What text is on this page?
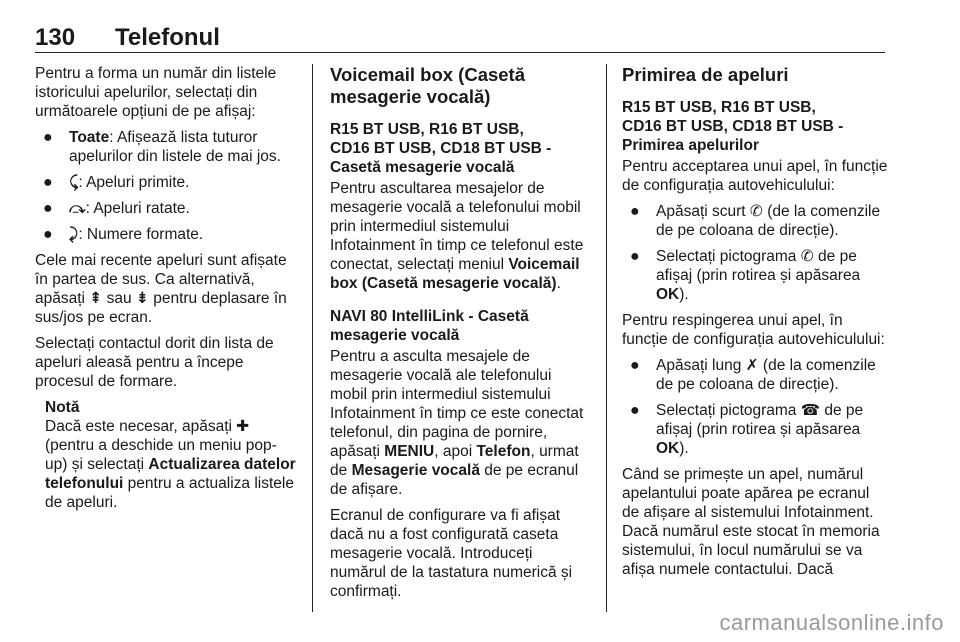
130 Telefonul

Pentru a forma un număr din listele istoricului apelurilor, selectați din următoarele opțiuni de pe afișaj:

● Toate: Afișează lista tuturor apelurilor din listele de mai jos.
● ⤹: Apeluri primite.
● ⤼: Apeluri ratate.
● ⤸: Numere formate.

Cele mai recente apeluri sunt afișate în partea de sus. Ca alternativă, apăsați ⇞ sau ⇟ pentru deplasare în sus/jos pe ecran.

Selectați contactul dorit din lista de apeluri aleasă pentru a începe procesul de formare.

Notă
Dacă este necesar, apăsați ✚ (pentru a deschide un meniu pop-up) și selectați Actualizarea datelor telefonului pentru a actualiza listele de apeluri.
Voicemail box (Casetă mesagerie vocală)
R15 BT USB, R16 BT USB,
CD16 BT USB, CD18 BT USB -
Casetă mesagerie vocală

Pentru ascultarea mesajelor de mesagerie vocală a telefonului mobil prin intermediul sistemului Infotainment în timp ce telefonul este conectat, selectați meniul Voicemail box (Casetă mesagerie vocală).

NAVI 80 IntelliLink - Casetă
mesagerie vocală

Pentru a asculta mesajele de mesagerie vocală ale telefonului mobil prin intermediul sistemului Infotainment în timp ce este conectat telefonul, din pagina de pornire, apăsați MENIU, apoi Telefon, urmat de Mesagerie vocală de pe ecranul de afișare.

Ecranul de configurare va fi afișat dacă nu a fost configurată caseta mesagerie vocală. Introduceți numărul de la tastatura numerică și confirmați.

Primirea de apeluri
R15 BT USB, R16 BT USB,
CD16 BT USB, CD18 BT USB -
Primirea apelurilor

Pentru acceptarea unui apel, în funcție de configurația autovehiculului:

● Apăsați scurt ✆ (de la comenzile de pe coloana de direcție).
● Selectați pictograma ✆ de pe afișaj (prin rotirea și apăsarea OK).

Pentru respingerea unui apel, în funcție de configurația autovehiculului:

● Apăsați lung ✗ (de la comenzile de pe coloana de direcție).
● Selectați pictograma ☎ de pe afișaj (prin rotirea și apăsarea OK).

Când se primește un apel, numărul apelantului poate apărea pe ecranul de afișare al sistemului Infotainment. Dacă numărul este stocat în memoria sistemului, în locul numărului se va afișa numele contactului. Dacă

carmanualsonline.info
